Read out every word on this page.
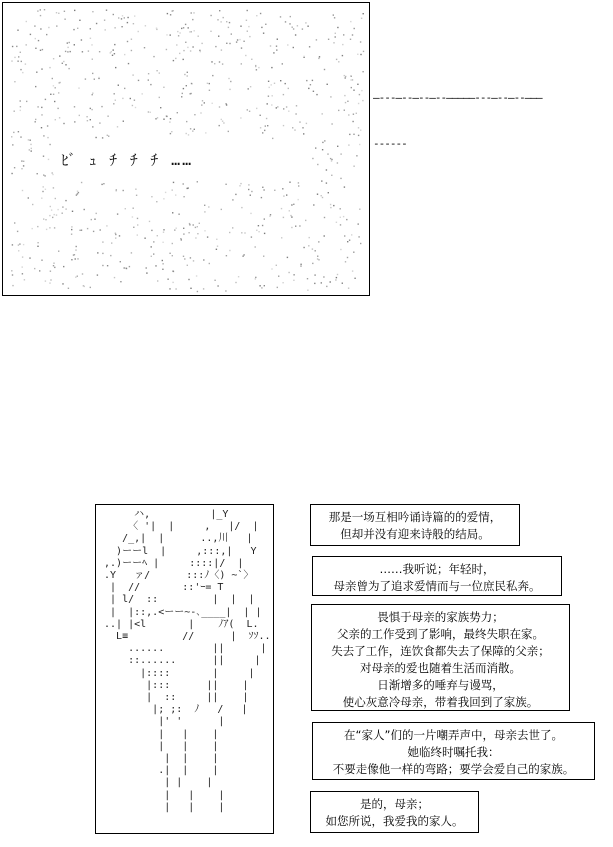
ﾋﾞ ｭ ﾁ ﾁ ﾁ ……
―‐‐‐―‐‐―‐‐―‐‐―――――‐‐‐―‐‐―‐‐―――
‐‐‐‐‐‐
ハ,          |_Y
〈 '|  |     ,   |/  |
/_,|  |      ..,川   |
)ーーl  |     ,:::,|   Y
,.)ーーﾍ |     ::::|/  |
.Y   ァ/      :::ﾉ〈) ~`〉
|  //       ::'ｰ= T
| l/  ::         |  |  |
|  |::,.<ーー~-､____|  | |
..| |<l       |    ﾉｱ(  L.
L≡         //      |  ｿｿ..
......        ||      |
::......      ||     |
|::::       |     |
|:::      ||    |
|  ::     ||    |
|; ;:  ﾉ   /   |
|' '      |
|   |    |
|   |    |
|  |    |
.|  |    |
| |    |
|   |    |
|   |    |
那是一场互相吟诵诗篇的的爱情，
但却并没有迎来诗般的结局。
……我听说；年轻时，
母亲曾为了追求爱情而与一位庶民私奔。
畏惧于母亲的家族势力；
父亲的工作受到了影响，最终失职在家。
失去了工作，连饮食都失去了保障的父亲；
对母亲的爱也随着生活而消散。
日渐增多的唾弃与谩骂，
使心灰意冷母亲，带着我回到了家族。
在“家人”们的一片嘲弄声中，母亲去世了。
她临终时嘱托我：
不要走像他一样的弯路；要学会爱自己的家族。
是的，母亲；
如您所说，我爱我的家人。
